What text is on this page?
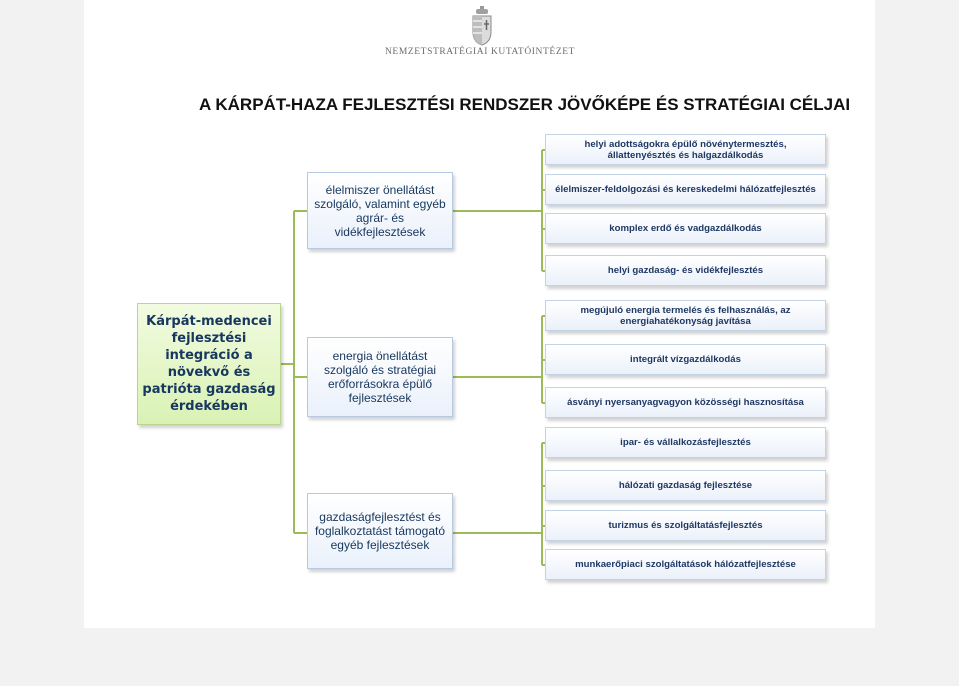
NEMZETSTRATÉGIAI KUTATÓINTÉZET
A KÁRPÁT-HAZA FEJLESZTÉSI RENDSZER JÖVŐKÉPE ÉS STRATÉGIAI CÉLJAI
Kárpát-medencei fejlesztési integráció a növekvő és patrióta gazdaság érdekében
élelmiszer önellátást szolgáló, valamint egyéb agrár- és vidékfejlesztések
energia önellátást szolgáló és stratégiai erőforrásokra épülő fejlesztések
gazdaságfejlesztést és foglalkoztatást támogató egyéb fejlesztések
helyi adottságokra épülő növénytermesztés, állattenyésztés és halgazdálkodás
élelmiszer-feldolgozási és kereskedelmi hálózatfejlesztés
komplex erdő és vadgazdálkodás
helyi gazdaság- és vidékfejlesztés
megújuló energia termelés és felhasználás, az energiahatékonyság javítása
integrált vízgazdálkodás
ásványi nyersanyagvagyon közösségi hasznosítása
ipar- és vállalkozásfejlesztés
hálózati gazdaság fejlesztése
turizmus és szolgáltatásfejlesztés
munkaerőpiaci szolgáltatások hálózatfejlesztése
